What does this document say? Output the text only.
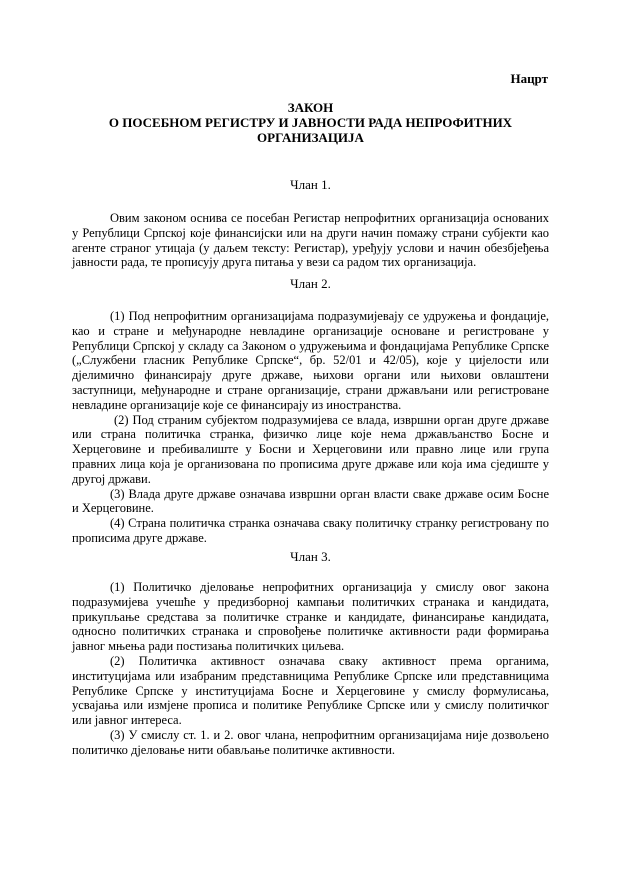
Нацрт
ЗАКОН
О ПОСЕБНОМ РЕГИСТРУ И ЈАВНОСТИ РАДА НЕПРОФИТНИХ
ОРГАНИЗАЦИЈА
Члан 1.

Овим законом оснива се посебан Регистар непрофитних организација основаних у Републици Српској које финансијски или на други начин помажу страни субјекти као агенте страног утицаја (у даљем тексту: Регистар), уређују услови и начин обезбјеђења јавности рада, те прописују друга питања у вези са радом тих организација.

Члан 2.

(1) Под непрофитним организацијама подразумијевају се удружења и фондације, као и стране и међународне невладине организације основане и регистроване у Републици Српској у складу са Законом о удружењима и фондацијама Републике Српске („Службени гласник Републике Српске“, бр. 52/01 и 42/05), које у цијелости или дјелимично финансирају друге државе, њихови органи или њихови овлаштени заступници, међународне и стране организације, страни држављани или регистроване невладине организације које се финансирају из иностранства.

(2) Под страним субјектом подразумијева се влада, извршни орган друге државе или страна политичка странка, физичко лице које нема држављанство Босне и Херцеговине и пребивалиште у Босни и Херцеговини или правно лице или група правних лица која је организована по прописима друге државе или која има сједиште у другој држави.

(3) Влада друге државе означава извршни орган власти сваке државе осим Босне и Херцеговине.

(4) Страна политичка странка означава сваку политичку странку регистровану по прописима друге државе.

Члан 3.

(1) Политичко дјеловање непрофитних организација у смислу овог закона подразумијева учешће у предизборној кампањи политичких странака и кандидата, прикупљање средстава за политичке странке и кандидате, финансирање кандидата, односно политичких странака и спровођење политичке активности ради формирања јавног мњења ради постизања политичких циљева.

(2) Политичка активност означава сваку активност према органима, институцијама или изабраним представницима Републике Српске или представницима Републике Српске у институцијама Босне и Херцеговине у смислу формулисања, усвајања или измјене прописа и политике Републике Српске или у смислу политичког или јавног интереса.

(3) У смислу ст. 1. и 2. овог члана, непрофитним организацијама није дозвољено политичко дјеловање нити обављање политичке активности.
